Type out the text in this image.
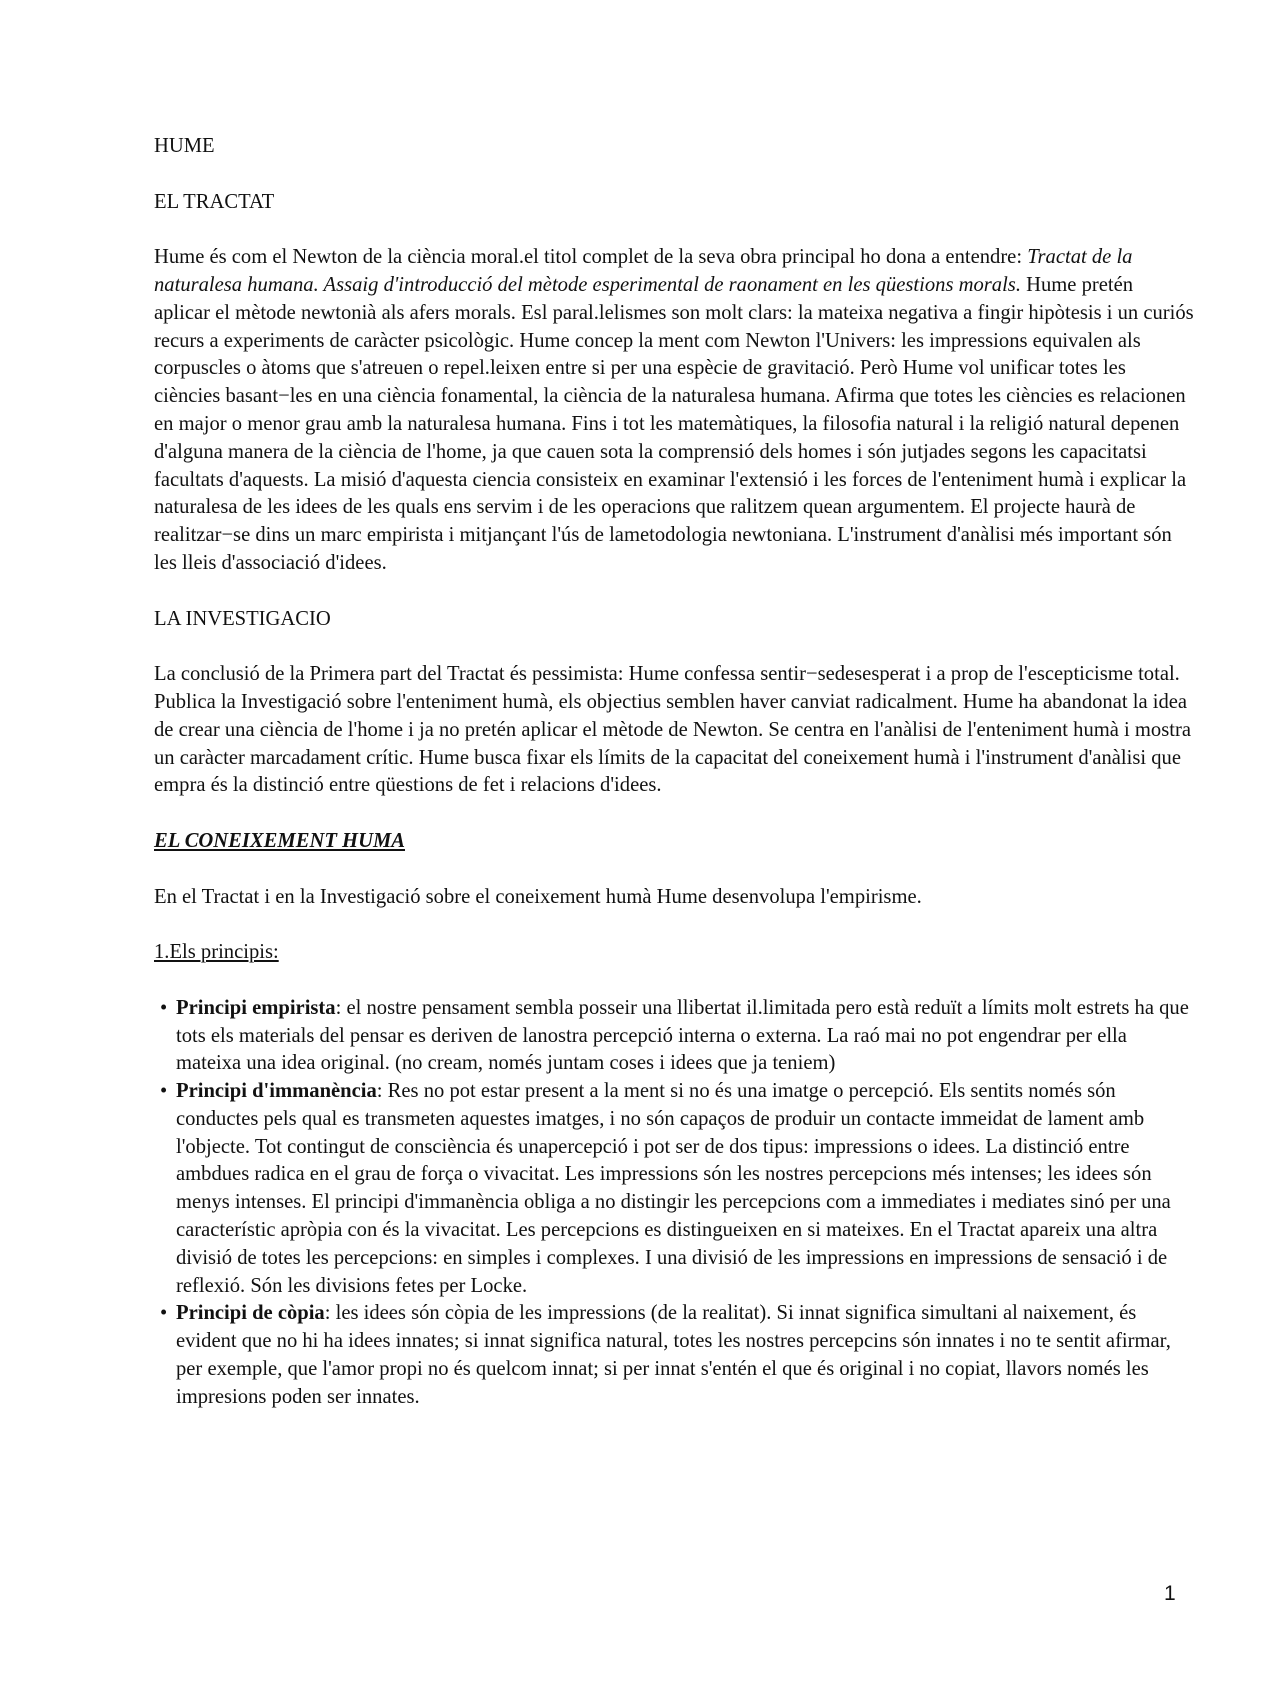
HUME
EL TRACTAT

Hume és com el Newton de la ciència moral.el titol complet de la seva obra principal ho dona a entendre: Tractat de la naturalesa humana. Assaig d'introducció del mètode esperimental de raonament en les qüestions morals. Hume pretén aplicar el mètode newtonià als afers morals. Esl paral.lelismes son molt clars: la mateixa negativa a fingir hipòtesis i un curiós recurs a experiments de caràcter psicològic. Hume concep la ment com Newton l'Univers: les impressions equivalen als corpuscles o àtoms que s'atreuen o repel.leixen entre si per una espècie de gravitació. Però Hume vol unificar totes les ciències basant−les en una ciència fonamental, la ciència de la naturalesa humana. Afirma que totes les ciències es relacionen en major o menor grau amb la naturalesa humana. Fins i tot les matemàtiques, la filosofia natural i la religió natural depenen d'alguna manera de la ciència de l'home, ja que cauen sota la comprensió dels homes i són jutjades segons les capacitatsi facultats d'aquests. La misió d'aquesta ciencia consisteix en examinar l'extensió i les forces de l'enteniment humà i explicar la naturalesa de les idees de les quals ens servim i de les operacions que ralitzem quean argumentem. El projecte haurà de realitzar−se dins un marc empirista i mitjançant l'ús de lametodologia newtoniana. L'instrument d'anàlisi més important són les lleis d'associació d'idees.

LA INVESTIGACIO

La conclusió de la Primera part del Tractat és pessimista: Hume confessa sentir−sedesesperat i a prop de l'escepticisme total. Publica la Investigació sobre l'enteniment humà, els objectius semblen haver canviat radicalment. Hume ha abandonat la idea de crear una ciència de l'home i ja no pretén aplicar el mètode de Newton. Se centra en l'anàlisi de l'enteniment humà i mostra un caràcter marcadament crític. Hume busca fixar els límits de la capacitat del coneixement humà i l'instrument d'anàlisi que empra és la distinció entre qüestions de fet i relacions d'idees.

EL CONEIXEMENT HUMA

En el Tractat i en la Investigació sobre el coneixement humà Hume desenvolupa l'empirisme.

1.Els principis:
• Principi empirista: el nostre pensament sembla posseir una llibertat il.limitada pero està reduït a límits molt estrets ha que tots els materials del pensar es deriven de lanostra percepció interna o externa. La raó mai no pot engendrar per ella mateixa una idea original. (no cream, només juntam coses i idees que ja teniem)
• Principi d'immanència: Res no pot estar present a la ment si no és una imatge o percepció. Els sentits només són conductes pels qual es transmeten aquestes imatges, i no són capaços de produir un contacte immeidat de lament amb l'objecte. Tot contingut de consciència és unapercepció i pot ser de dos tipus: impressions o idees. La distinció entre ambdues radica en el grau de força o vivacitat. Les impressions són les nostres percepcions més intenses; les idees són menys intenses. El principi d'immanència obliga a no distingir les percepcions com a immediates i mediates sinó per una característic apròpia con és la vivacitat. Les percepcions es distingueixen en si mateixes. En el Tractat apareix una altra divisió de totes les percepcions: en simples i complexes. I una divisió de les impressions en impressions de sensació i de reflexió. Són les divisions fetes per Locke.
• Principi de còpia: les idees són còpia de les impressions (de la realitat). Si innat significa simultani al naixement, és evident que no hi ha idees innates; si innat significa natural, totes les nostres percepcins són innates i no te sentit afirmar, per exemple, que l'amor propi no és quelcom innat; si per innat s'entén el que és original i no copiat, llavors només les impresions poden ser innates.
1
